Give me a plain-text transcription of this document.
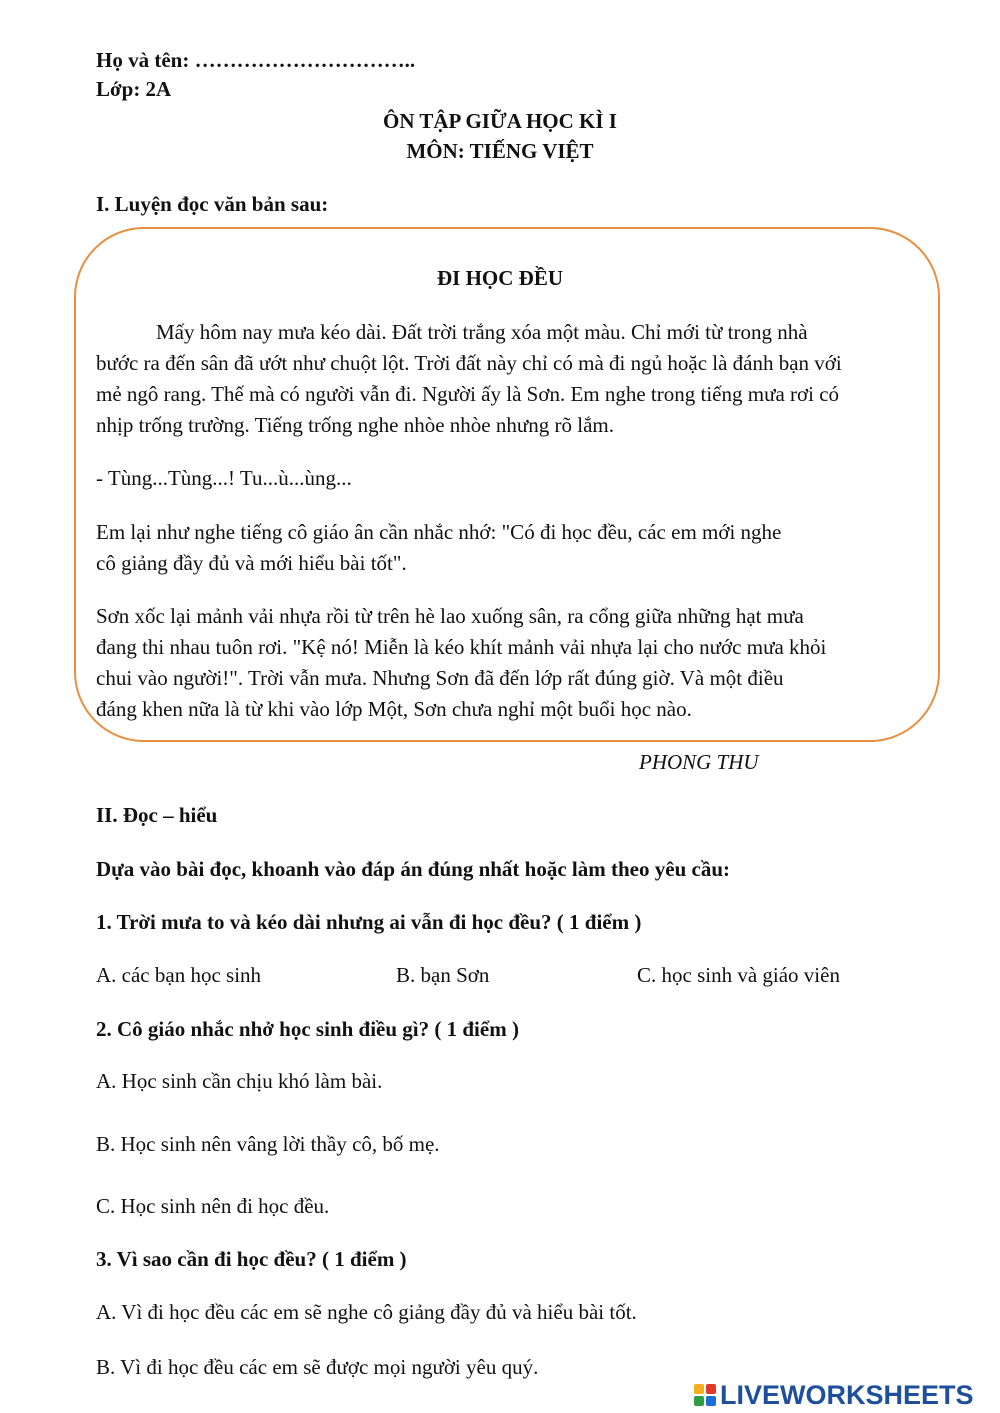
Họ và tên: …………………………..
Lớp: 2A
ÔN TẬP GIỮA HỌC KÌ I
MÔN: TIẾNG VIỆT
I. Luyện đọc văn bản sau:
ĐI HỌC ĐỀU
Mấy hôm nay mưa kéo dài. Đất trời trắng xóa một màu. Chỉ mới từ trong nhà
bước ra đến sân đã ướt như chuột lột. Trời đất này chỉ có mà đi ngủ hoặc là đánh bạn với
mẻ ngô rang. Thế mà có người vẫn đi. Người ấy là Sơn. Em nghe trong tiếng mưa rơi có
nhịp trống trường. Tiếng trống nghe nhòe nhòe nhưng rõ lắm.
- Tùng...Tùng...! Tu...ù...ùng...
Em lại như nghe tiếng cô giáo ân cần nhắc nhớ: "Có đi học đều, các em mới nghe
cô giảng đầy đủ và mới hiểu bài tốt".
Sơn xốc lại mảnh vải nhựa rồi từ trên hè lao xuống sân, ra cổng giữa những hạt mưa
đang thi nhau tuôn rơi. "Kệ nó! Miễn là kéo khít mảnh vải nhựa lại cho nước mưa khỏi
chui vào người!". Trời vẫn mưa. Nhưng Sơn đã đến lớp rất đúng giờ. Và một điều
đáng khen nữa là từ khi vào lớp Một, Sơn chưa nghỉ một buổi học nào.
PHONG THU
II. Đọc – hiểu
Dựa vào bài đọc, khoanh vào đáp án đúng nhất hoặc làm theo yêu cầu:
1. Trời mưa to và kéo dài nhưng ai vẫn đi học đều? ( 1 điểm )
A. các bạn học sinh	B. bạn Sơn	C. học sinh và giáo viên
2. Cô giáo nhắc nhở học sinh điều gì? ( 1 điểm )
A. Học sinh cần chịu khó làm bài.
B. Học sinh nên vâng lời thầy cô, bố mẹ.
C. Học sinh nên đi học đều.
3. Vì sao cần đi học đều? ( 1 điểm )
A. Vì đi học đều các em sẽ nghe cô giảng đầy đủ và hiểu bài tốt.
B. Vì đi học đều các em sẽ được mọi người yêu quý.
LIVEWORKSHEETS
